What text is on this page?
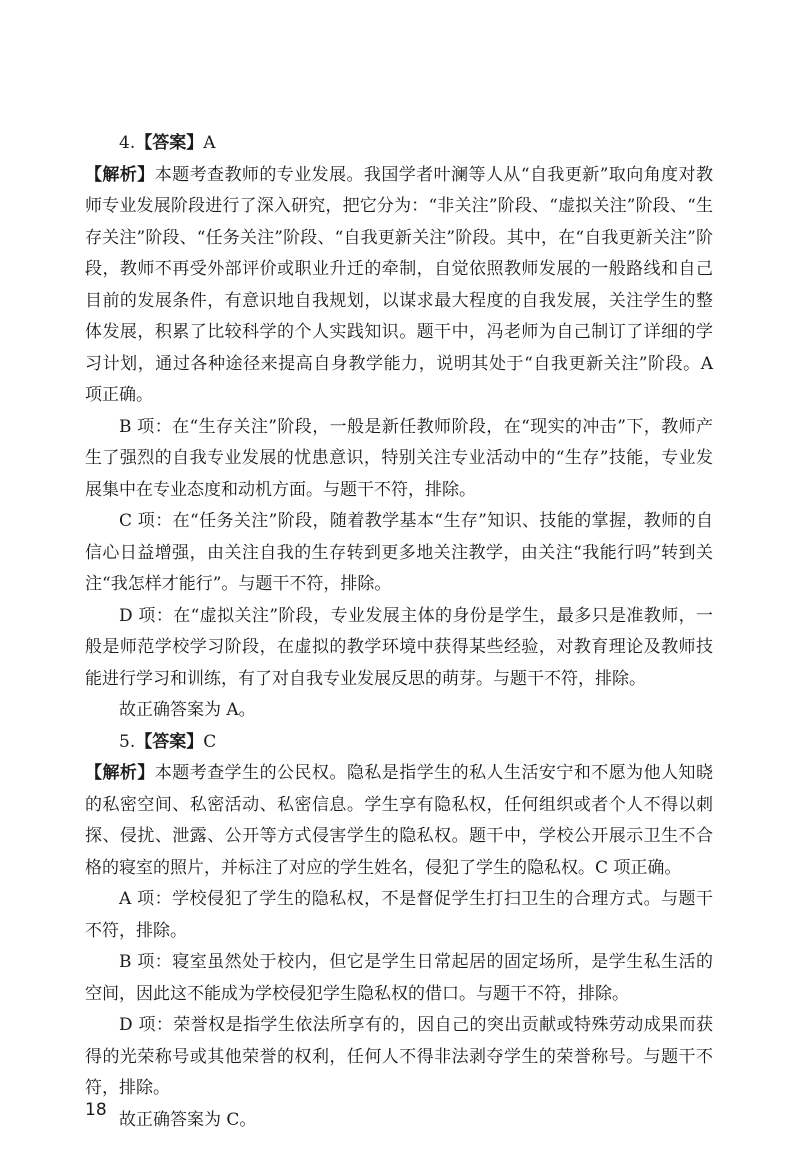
4.【答案】A

【解析】本题考查教师的专业发展。我国学者叶澜等人从“自我更新”取向角度对教师专业发展阶段进行了深入研究，把它分为：“非关注”阶段、“虚拟关注”阶段、“生存关注”阶段、“任务关注”阶段、“自我更新关注”阶段。其中，在“自我更新关注”阶段，教师不再受外部评价或职业升迁的牵制，自觉依照教师发展的一般路线和自己目前的发展条件，有意识地自我规划，以谋求最大程度的自我发展，关注学生的整体发展，积累了比较科学的个人实践知识。题干中，冯老师为自己制订了详细的学习计划，通过各种途径来提高自身教学能力，说明其处于“自我更新关注”阶段。A 项正确。

B 项：在“生存关注”阶段，一般是新任教师阶段，在“现实的冲击”下，教师产生了强烈的自我专业发展的忧患意识，特别关注专业活动中的“生存”技能，专业发展集中在专业态度和动机方面。与题干不符，排除。

C 项：在“任务关注”阶段，随着教学基本“生存”知识、技能的掌握，教师的自信心日益增强，由关注自我的生存转到更多地关注教学，由关注“我能行吗”转到关注“我怎样才能行”。与题干不符，排除。

D 项：在“虚拟关注”阶段，专业发展主体的身份是学生，最多只是准教师，一般是师范学校学习阶段，在虚拟的教学环境中获得某些经验，对教育理论及教师技能进行学习和训练，有了对自我专业发展反思的萌芽。与题干不符，排除。

故正确答案为 A。

5.【答案】C

【解析】本题考查学生的公民权。隐私是指学生的私人生活安宁和不愿为他人知晓的私密空间、私密活动、私密信息。学生享有隐私权，任何组织或者个人不得以刺探、侵扰、泄露、公开等方式侵害学生的隐私权。题干中，学校公开展示卫生不合格的寝室的照片，并标注了对应的学生姓名，侵犯了学生的隐私权。C 项正确。

A 项：学校侵犯了学生的隐私权，不是督促学生打扫卫生的合理方式。与题干不符，排除。

B 项：寝室虽然处于校内，但它是学生日常起居的固定场所，是学生私生活的空间，因此这不能成为学校侵犯学生隐私权的借口。与题干不符，排除。

D 项：荣誉权是指学生依法所享有的，因自己的突出贡献或特殊劳动成果而获得的光荣称号或其他荣誉的权利，任何人不得非法剥夺学生的荣誉称号。与题干不符，排除。

故正确答案为 C。

18
